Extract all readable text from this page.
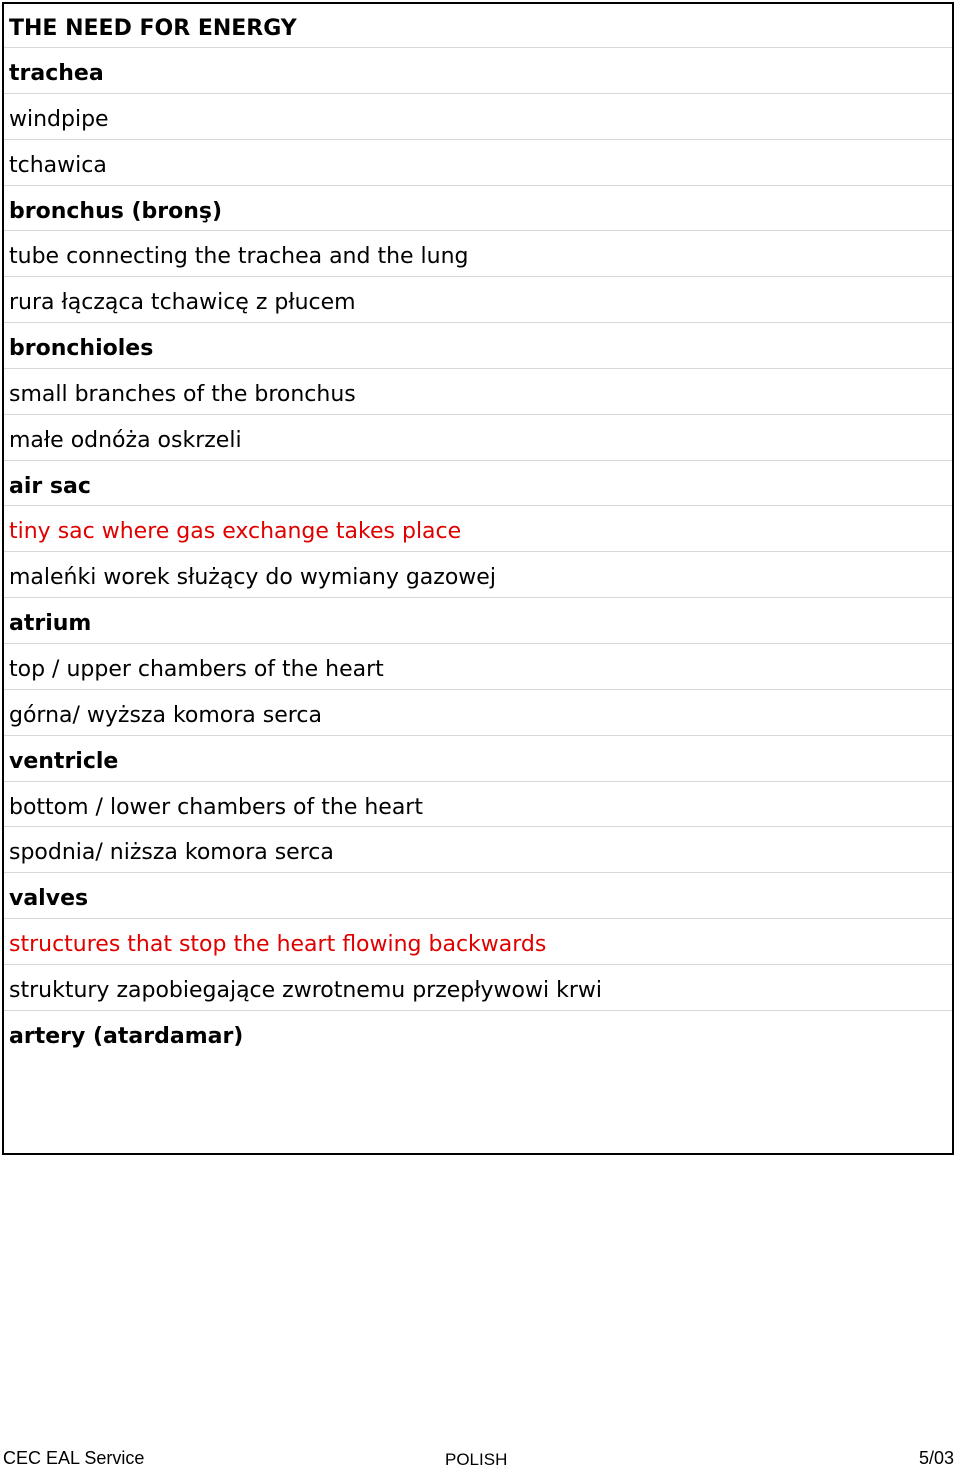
THE NEED FOR ENERGY
trachea
windpipe
tchawica
bronchus (bronş)
tube connecting the trachea and the lung
rura łącząca tchawicę z płucem
bronchioles
small branches of the bronchus
małe odnóża oskrzeli
air sac
tiny sac where gas exchange takes place
maleńki worek służący do wymiany gazowej
atrium
top / upper chambers of the heart
górna/ wyższa komora serca
ventricle
bottom / lower chambers of the heart
spodnia/ niższa komora serca
valves
structures that stop the heart flowing backwards
struktury zapobiegające zwrotnemu przepływowi krwi
artery (atardamar)
CEC EAL Service	POLISH	5/03
